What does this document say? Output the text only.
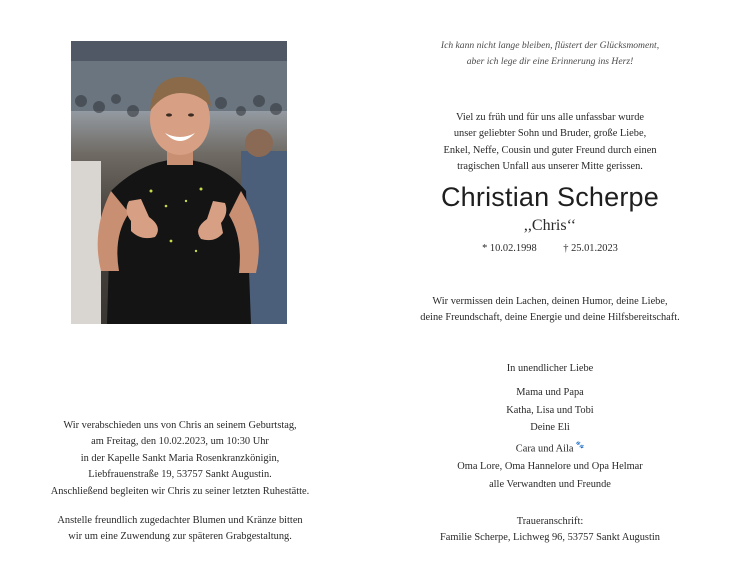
Wir verabschieden uns von Chris an seinem Geburtstag,
am Freitag, den 10.02.2023, um 10:30 Uhr
in der Kapelle Sankt Maria Rosenkranzkönigin,
Liebfrauenstraße 19, 53757 Sankt Augustin.
Anschließend begleiten wir Chris zu seiner letzten Ruhestätte.
Anstelle freundlich zugedachter Blumen und Kränze bitten
wir um eine Zuwendung zur späteren Grabgestaltung.
Ich kann nicht lange bleiben, flüstert der Glücksmoment,
aber ich lege dir eine Erinnerung ins Herz!
Viel zu früh und für uns alle unfassbar wurde
unser geliebter Sohn und Bruder, große Liebe,
Enkel, Neffe, Cousin und guter Freund durch einen
tragischen Unfall aus unserer Mitte gerissen.
Christian Scherpe
,,Chris‘‘
* 10.02.1998	† 25.01.2023
Wir vermissen dein Lachen, deinen Humor, deine Liebe,
deine Freundschaft, deine Energie und deine Hilfsbereitschaft.
In unendlicher Liebe
Mama und Papa
Katha, Lisa und Tobi
Deine Eli
Cara und Aila 🐾
Oma Lore, Oma Hannelore und Opa Helmar
alle Verwandten und Freunde
Traueranschrift:
Familie Scherpe, Lichweg 96, 53757 Sankt Augustin
